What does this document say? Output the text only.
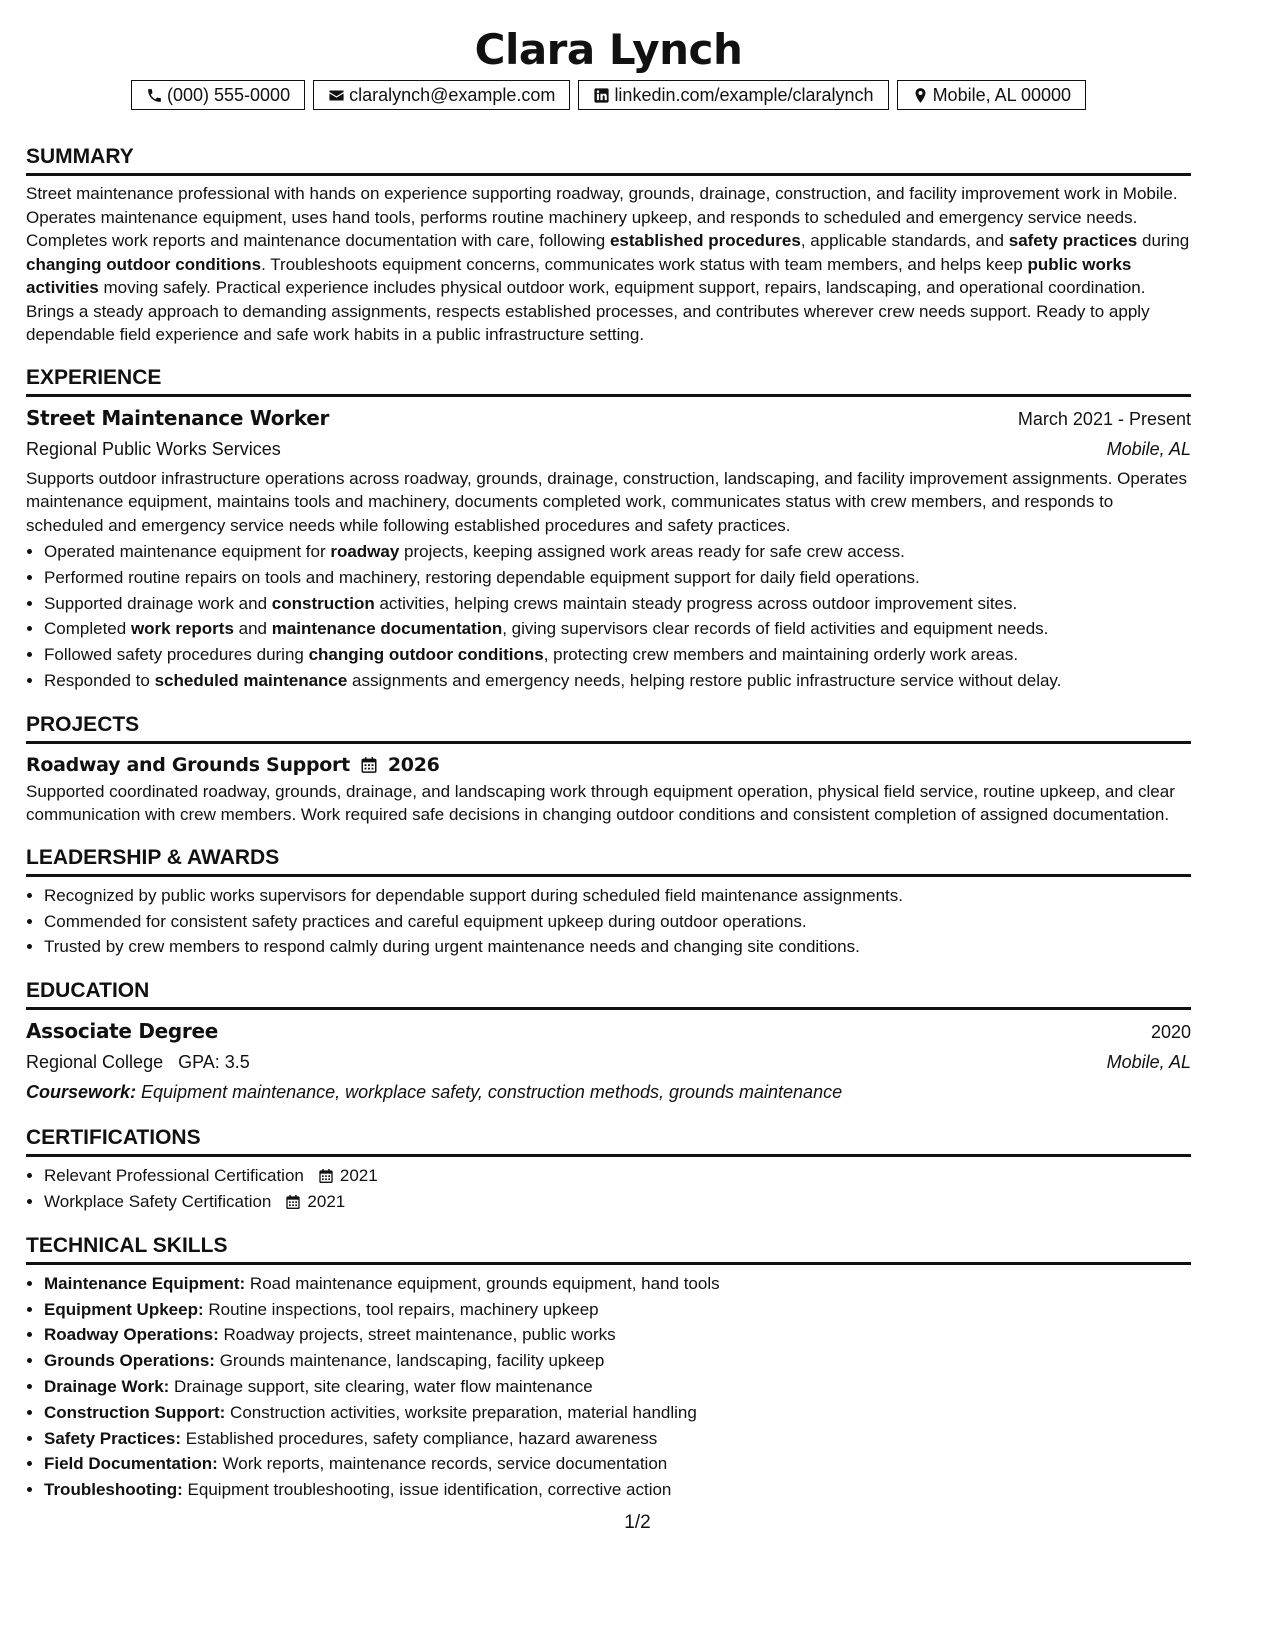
Clara Lynch
(000) 555-0000	claralynch@example.com	linkedin.com/example/claralynch	Mobile, AL 00000
SUMMARY

Street maintenance professional with hands on experience supporting roadway, grounds, drainage, construction, and facility improvement work in Mobile. Operates maintenance equipment, uses hand tools, performs routine machinery upkeep, and responds to scheduled and emergency service needs. Completes work reports and maintenance documentation with care, following established procedures, applicable standards, and safety practices during changing outdoor conditions. Troubleshoots equipment concerns, communicates work status with team members, and helps keep public works activities moving safely. Practical experience includes physical outdoor work, equipment support, repairs, landscaping, and operational coordination. Brings a steady approach to demanding assignments, respects established processes, and contributes wherever crew needs support. Ready to apply dependable field experience and safe work habits in a public infrastructure setting.

EXPERIENCE
Street Maintenance Worker	March 2021 - Present
Regional Public Works Services	Mobile, AL

Supports outdoor infrastructure operations across roadway, grounds, drainage, construction, landscaping, and facility improvement assignments. Operates maintenance equipment, maintains tools and machinery, documents completed work, communicates status with crew members, and responds to scheduled and emergency service needs while following established procedures and safety practices.

• Operated maintenance equipment for roadway projects, keeping assigned work areas ready for safe crew access.
• Performed routine repairs on tools and machinery, restoring dependable equipment support for daily field operations.
• Supported drainage work and construction activities, helping crews maintain steady progress across outdoor improvement sites.
• Completed work reports and maintenance documentation, giving supervisors clear records of field activities and equipment needs.
• Followed safety procedures during changing outdoor conditions, protecting crew members and maintaining orderly work areas.
• Responded to scheduled maintenance assignments and emergency needs, helping restore public infrastructure service without delay.
PROJECTS
Roadway and Grounds Support 2026

Supported coordinated roadway, grounds, drainage, and landscaping work through equipment operation, physical field service, routine upkeep, and clear communication with crew members. Work required safe decisions in changing outdoor conditions and consistent completion of assigned documentation.

LEADERSHIP & AWARDS
• Recognized by public works supervisors for dependable support during scheduled field maintenance assignments.
• Commended for consistent safety practices and careful equipment upkeep during outdoor operations.
• Trusted by crew members to respond calmly during urgent maintenance needs and changing site conditions.
EDUCATION
Associate Degree	2020
Regional College GPA: 3.5	Mobile, AL
Coursework: Equipment maintenance, workplace safety, construction methods, grounds maintenance
CERTIFICATIONS
• Relevant Professional Certification 2021
• Workplace Safety Certification 2021
TECHNICAL SKILLS
• Maintenance Equipment: Road maintenance equipment, grounds equipment, hand tools
• Equipment Upkeep: Routine inspections, tool repairs, machinery upkeep
• Roadway Operations: Roadway projects, street maintenance, public works
• Grounds Operations: Grounds maintenance, landscaping, facility upkeep
• Drainage Work: Drainage support, site clearing, water flow maintenance
• Construction Support: Construction activities, worksite preparation, material handling
• Safety Practices: Established procedures, safety compliance, hazard awareness
• Field Documentation: Work reports, maintenance records, service documentation
• Troubleshooting: Equipment troubleshooting, issue identification, corrective action
1/2
